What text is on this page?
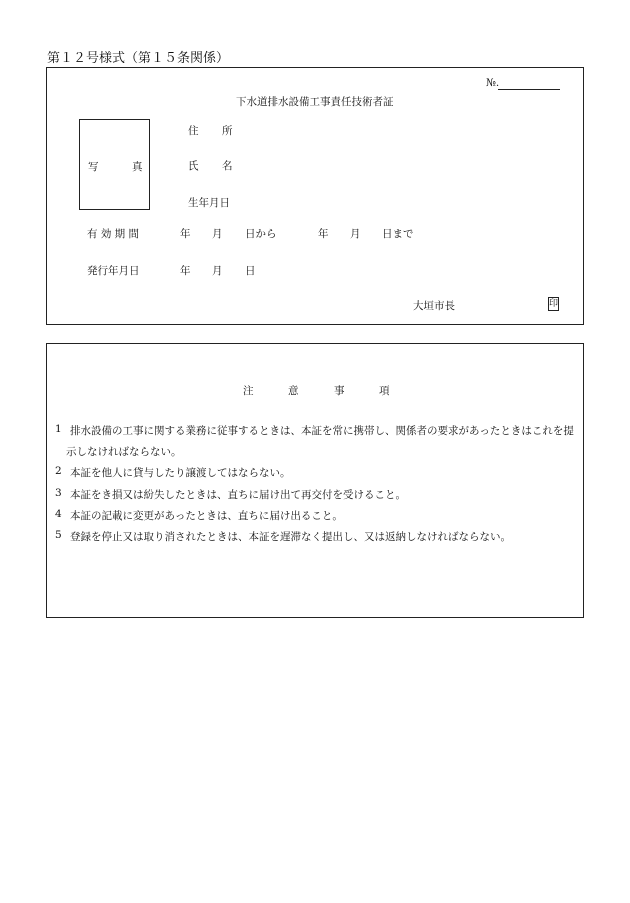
第１２号様式（第１５条関係）
№.
下水道排水設備工事責任技術者証
写	真
住 所
氏 名
生年月日
有 効 期 間	年 月 日から	年 月 日まで
発行年月日	年 月 日
大垣市長	印
注	意	事	項
1 排水設備の工事に関する業務に従事するときは、本証を常に携帯し、関係者の要求があったときはこれを提
示しなければならない。
2 本証を他人に貸与したり譲渡してはならない。
3 本証をき損又は紛失したときは、直ちに届け出て再交付を受けること。
4 本証の記載に変更があったときは、直ちに届け出ること。
5 登録を停止又は取り消されたときは、本証を遅滞なく提出し、又は返納しなければならない。
